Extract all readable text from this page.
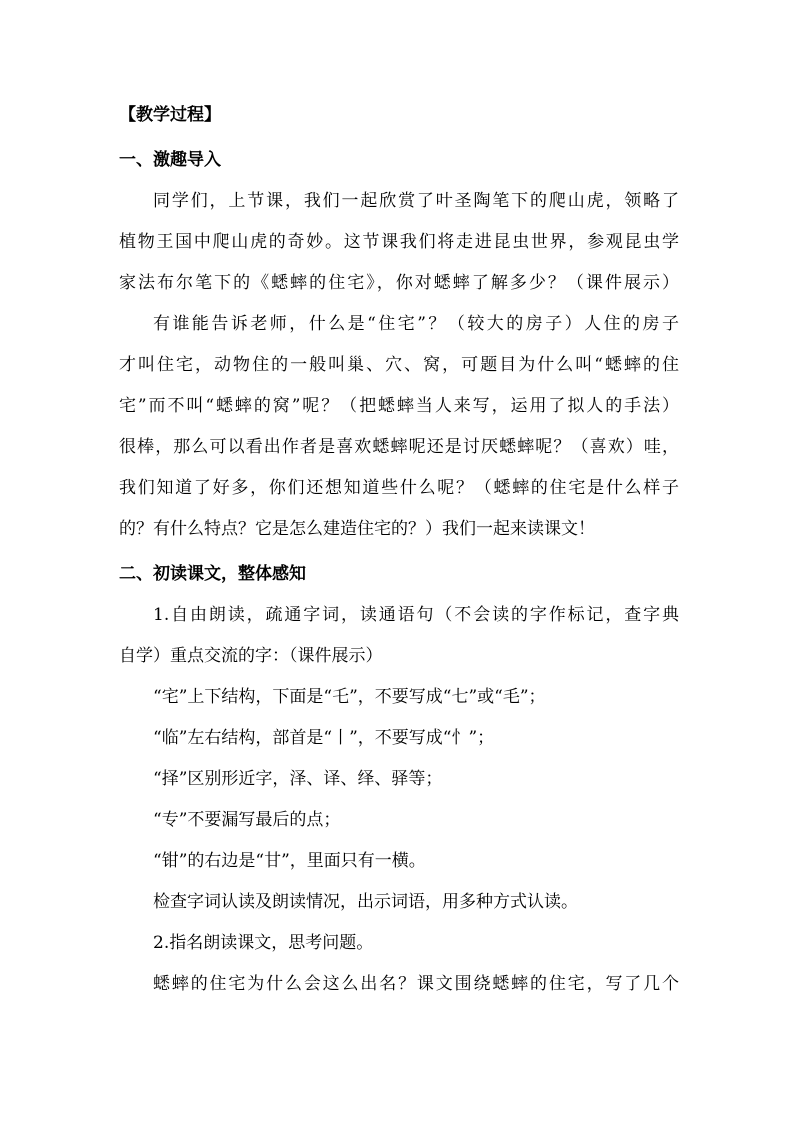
【教学过程】
一、激趣导入
同学们，上节课，我们一起欣赏了叶圣陶笔下的爬山虎，领略了
植物王国中爬山虎的奇妙。这节课我们将走进昆虫世界，参观昆虫学
家法布尔笔下的《蟋蟀的住宅》，你对蟋蟀了解多少？（课件展示）
有谁能告诉老师，什么是“住宅”？（较大的房子）人住的房子
才叫住宅，动物住的一般叫巢、穴、窝，可题目为什么叫“蟋蟀的住
宅”而不叫“蟋蟀的窝”呢？（把蟋蟀当人来写，运用了拟人的手法）
很棒，那么可以看出作者是喜欢蟋蟀呢还是讨厌蟋蟀呢？（喜欢）哇，
我们知道了好多，你们还想知道些什么呢？（蟋蟀的住宅是什么样子
的？有什么特点？它是怎么建造住宅的？）我们一起来读课文！
二、初读课文，整体感知
1.自由朗读，疏通字词，读通语句（不会读的字作标记，查字典
自学）重点交流的字：（课件展示）
“宅”上下结构，下面是“乇”，不要写成“七”或“毛”；
“临”左右结构，部首是“丨”，不要写成“忄”；
“择”区别形近字，泽、译、绎、驿等；
“专”不要漏写最后的点；
“钳”的右边是“甘”，里面只有一横。
检查字词认读及朗读情况，出示词语，用多种方式认读。
2.指名朗读课文，思考问题。
蟋蟀的住宅为什么会这么出名？课文围绕蟋蟀的住宅，写了几个
